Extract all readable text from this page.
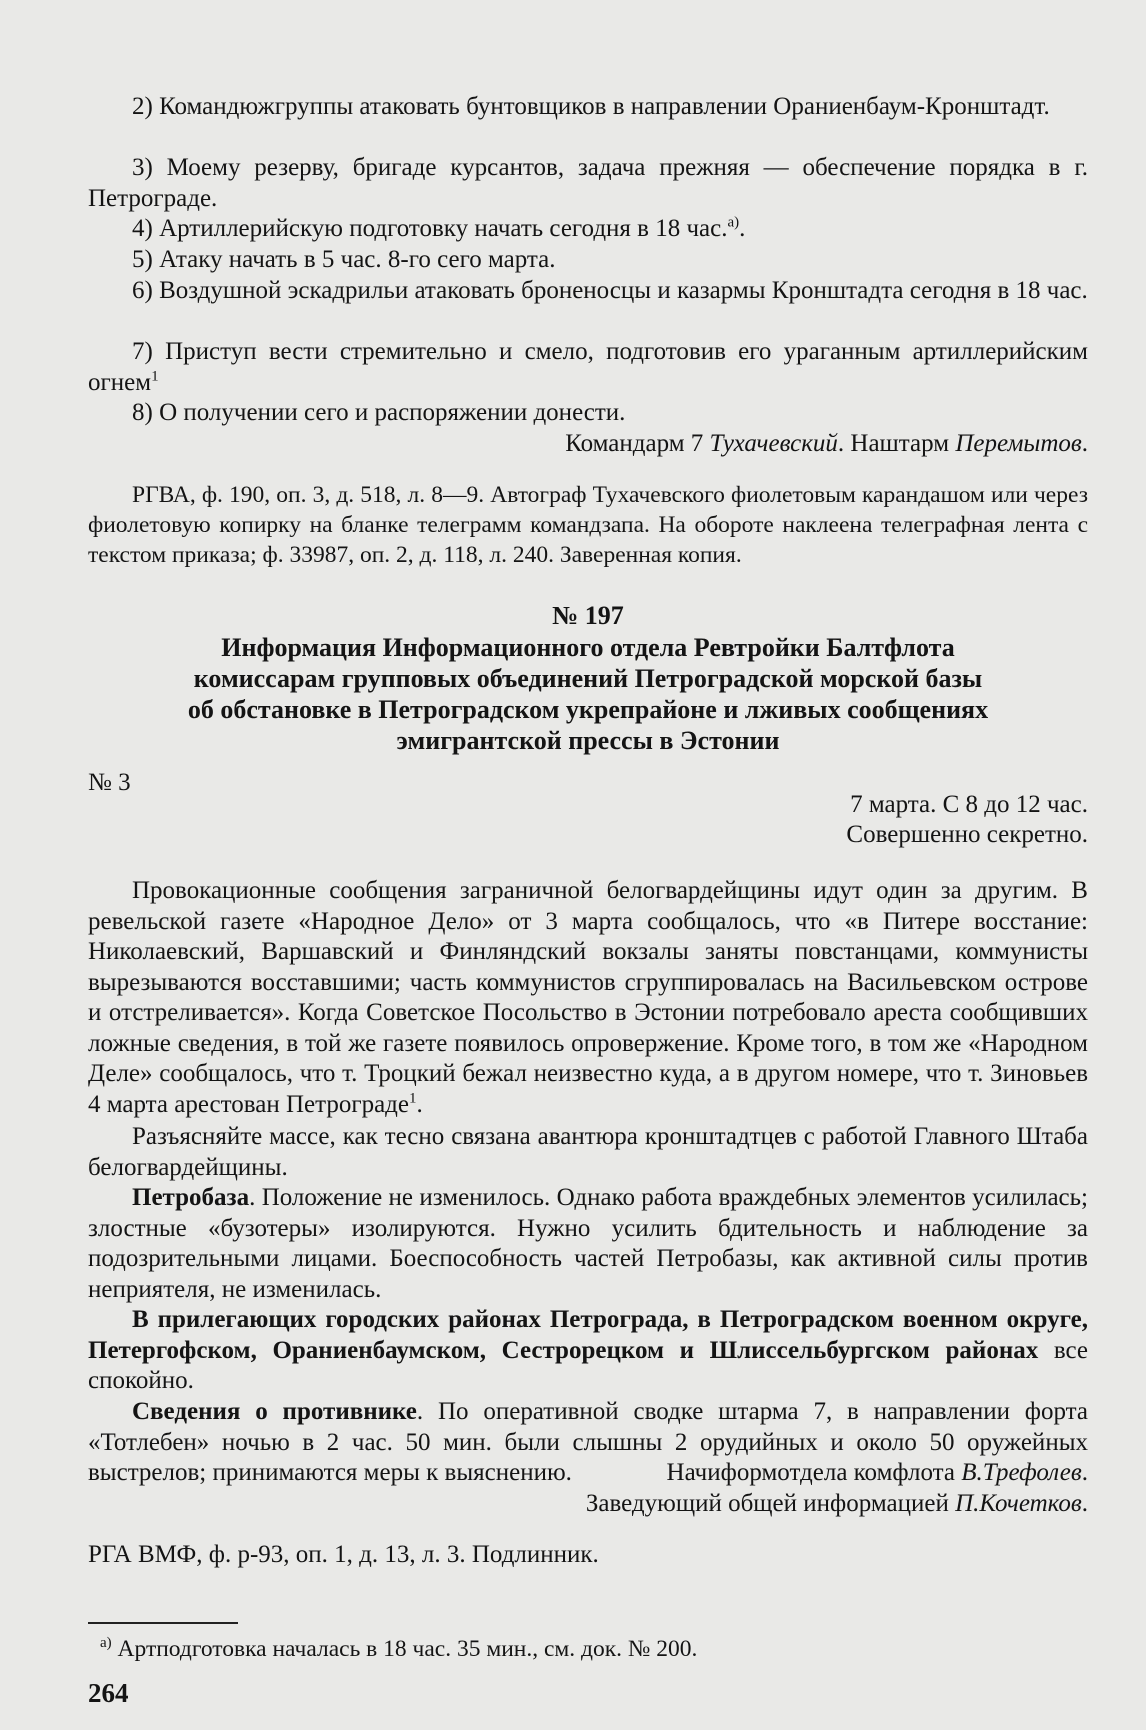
2) Командюжгруппы атаковать бунтовщиков в направлении Ораниенбаум-Кронштадт.

3) Моему резерву, бригаде курсантов, задача прежняя — обеспечение порядка в г. Петрограде.

4) Артиллерийскую подготовку начать сегодня в 18 час.$^{а)}$.

5) Атаку начать в 5 час. 8-го сего марта.

6) Воздушной эскадрильи атаковать броненосцы и казармы Кронштадта сегодня в 18 час.

7) Приступ вести стремительно и смело, подготовив его ураганным артиллерийским огнем$^1$

8) О получении сего и распоряжении донести.

Командарм 7 Тухачевский. Наштарм Перемытов.

РГВА, ф. 190, оп. 3, д. 518, л. 8—9. Автограф Тухачевского фиолетовым карандашом или через фиолетовую копирку на бланке телеграмм командзапа. На обороте наклеена телеграфная лента с текстом приказа; ф. 33987, оп. 2, д. 118, л. 240. Заверенная копия.

№ 197

Информация Информационного отдела Ревтройки Балтфлота
комиссарам групповых объединений Петроградской морской базы
об обстановке в Петроградском укрепрайоне и лживых сообщениях
эмигрантской прессы в Эстонии

№ 3

7 марта. С 8 до 12 час.

Совершенно секретно.

Провокационные сообщения заграничной белогвардейщины идут один за другим. В ревельской газете «Народное Дело» от 3 марта сообщалось, что «в Питере восстание: Николаевский, Варшавский и Финляндский вокзалы заняты повстанцами, коммунисты вырезываются восставшими; часть коммунистов сгруппировалась на Васильевском острове и отстреливается». Когда Советское Посольство в Эстонии потребовало ареста сообщивших ложные сведения, в той же газете появилось опровержение. Кроме того, в том же «Народном Деле» сообщалось, что т. Троцкий бежал неизвестно куда, а в другом номере, что т. Зиновьев 4 марта арестован Петрограде$^1$.

Разъясняйте массе, как тесно связана авантюра кронштадтцев с работой Главного Штаба белогвардейщины.

Петробаза. Положение не изменилось. Однако работа враждебных элементов усилилась; злостные «бузотеры» изолируются. Нужно усилить бдительность и наблюдение за подозрительными лицами. Боеспособность частей Петробазы, как активной силы против неприятеля, не изменилась.

В прилегающих городских районах Петрограда, в Петроградском военном округе, Петергофском, Ораниенбаумском, Сестрорецком и Шлиссельбургском районах все спокойно.

Сведения о противнике. По оперативной сводке штарма 7, в направлении форта «Тотлебен» ночью в 2 час. 50 мин. были слышны 2 орудийных и около 50 оружейных выстрелов; принимаются меры к выяснению.	Начиформотдела комфлота В.Трефолев.

Заведующий общей информацией П.Кочетков.

РГА ВМФ, ф. р-93, оп. 1, д. 13, л. 3. Подлинник.

$^{а)}$ Артподготовка началась в 18 час. 35 мин., см. док. № 200.

264
